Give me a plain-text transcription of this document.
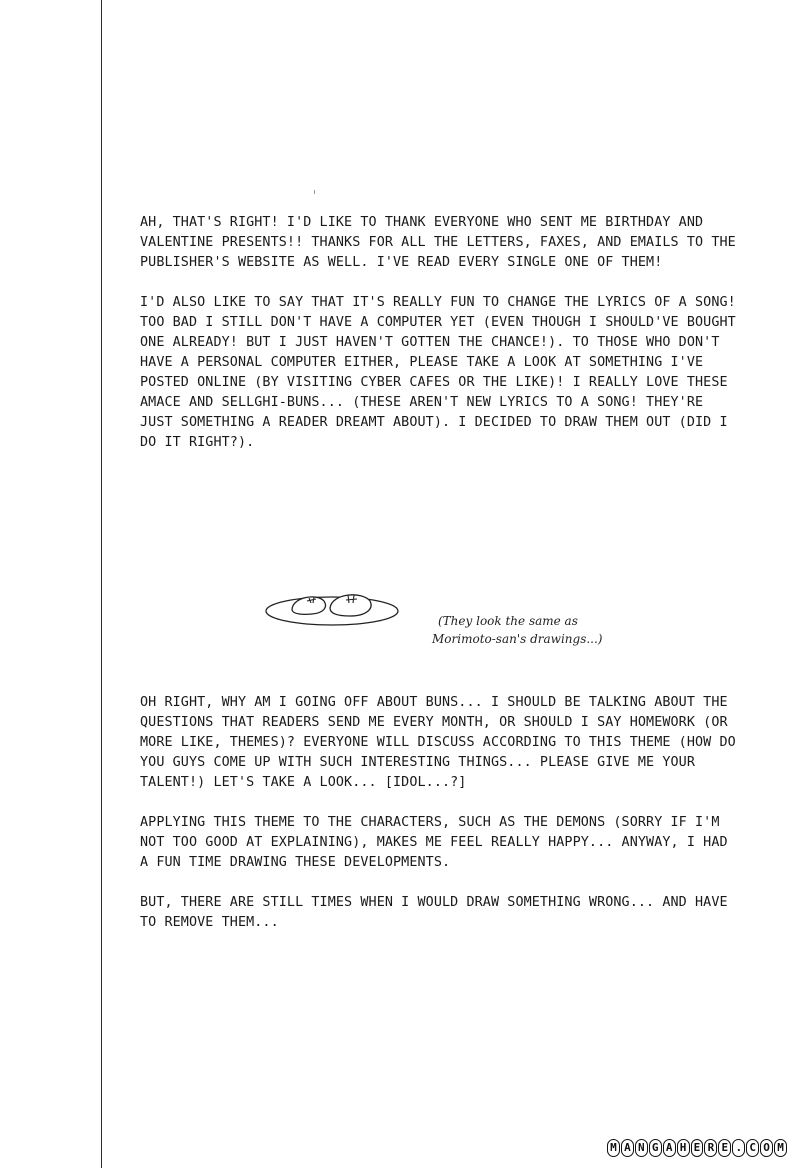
AH, THAT'S RIGHT! I'D LIKE TO THANK EVERYONE WHO SENT ME BIRTHDAY AND VALENTINE PRESENTS!! THANKS FOR ALL THE LETTERS, FAXES, AND EMAILS TO THE PUBLISHER'S WEBSITE AS WELL. I'VE READ EVERY SINGLE ONE OF THEM!

I'D ALSO LIKE TO SAY THAT IT'S REALLY FUN TO CHANGE THE LYRICS OF A SONG! TOO BAD I STILL DON'T HAVE A COMPUTER YET (EVEN THOUGH I SHOULD'VE BOUGHT ONE ALREADY! BUT I JUST HAVEN'T GOTTEN THE CHANCE!). TO THOSE WHO DON'T HAVE A PERSONAL COMPUTER EITHER, PLEASE TAKE A LOOK AT SOMETHING I'VE POSTED ONLINE (BY VISITING CYBER CAFES OR THE LIKE)! I REALLY LOVE THESE AMACE AND SELLGHI-BUNS... (THESE AREN'T NEW LYRICS TO A SONG! THEY'RE JUST SOMETHING A READER DREAMT ABOUT). I DECIDED TO DRAW THEM OUT (DID I DO IT RIGHT?).

(They look the same as
Morimoto-san's drawings...)

OH RIGHT, WHY AM I GOING OFF ABOUT BUNS... I SHOULD BE TALKING ABOUT THE QUESTIONS THAT READERS SEND ME EVERY MONTH, OR SHOULD I SAY HOMEWORK (OR MORE LIKE, THEMES)? EVERYONE WILL DISCUSS ACCORDING TO THIS THEME (HOW DO YOU GUYS COME UP WITH SUCH INTERESTING THINGS... PLEASE GIVE ME YOUR TALENT!) LET'S TAKE A LOOK... [IDOL...?]

APPLYING THIS THEME TO THE CHARACTERS, SUCH AS THE DEMONS (SORRY IF I'M NOT TOO GOOD AT EXPLAINING), MAKES ME FEEL REALLY HAPPY... ANYWAY, I HAD A FUN TIME DRAWING THESE DEVELOPMENTS.

BUT, THERE ARE STILL TIMES WHEN I WOULD DRAW SOMETHING WRONG... AND HAVE TO REMOVE THEM...

M A N G A H E R E . C O M
